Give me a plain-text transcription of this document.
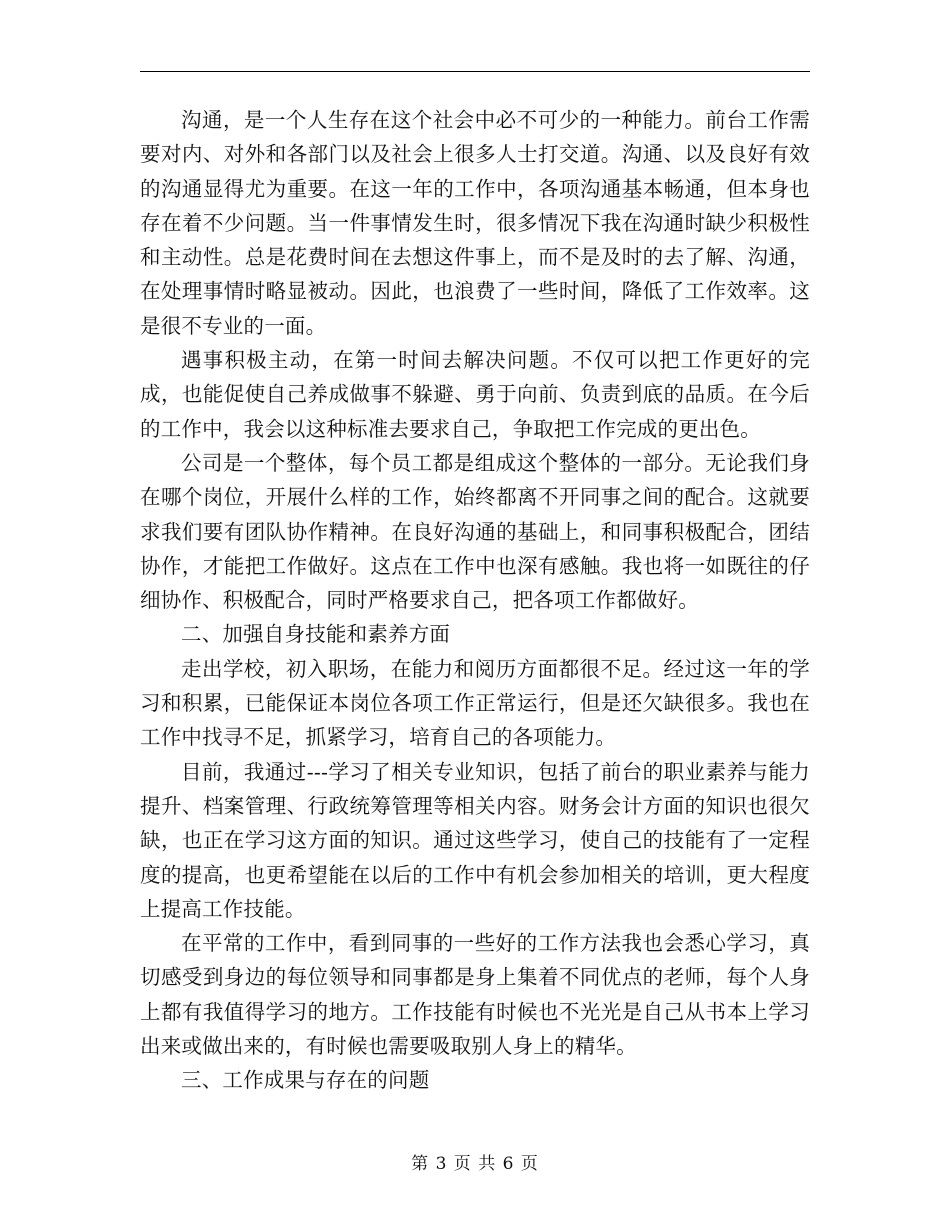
沟通，是一个人生存在这个社会中必不可少的一种能力。前台工作需要对内、对外和各部门以及社会上很多人士打交道。沟通、以及良好有效的沟通显得尤为重要。在这一年的工作中，各项沟通基本畅通，但本身也存在着不少问题。当一件事情发生时，很多情况下我在沟通时缺少积极性和主动性。总是花费时间在去想这件事上，而不是及时的去了解、沟通，在处理事情时略显被动。因此，也浪费了一些时间，降低了工作效率。这是很不专业的一面。

遇事积极主动，在第一时间去解决问题。不仅可以把工作更好的完成，也能促使自己养成做事不躲避、勇于向前、负责到底的品质。在今后的工作中，我会以这种标准去要求自己，争取把工作完成的更出色。

公司是一个整体，每个员工都是组成这个整体的一部分。无论我们身在哪个岗位，开展什么样的工作，始终都离不开同事之间的配合。这就要求我们要有团队协作精神。在良好沟通的基础上，和同事积极配合，团结协作，才能把工作做好。这点在工作中也深有感触。我也将一如既往的仔细协作、积极配合，同时严格要求自己，把各项工作都做好。

二、加强自身技能和素养方面

走出学校，初入职场，在能力和阅历方面都很不足。经过这一年的学习和积累，已能保证本岗位各项工作正常运行，但是还欠缺很多。我也在工作中找寻不足，抓紧学习，培育自己的各项能力。

目前，我通过---学习了相关专业知识，包括了前台的职业素养与能力提升、档案管理、行政统筹管理等相关内容。财务会计方面的知识也很欠缺，也正在学习这方面的知识。通过这些学习，使自己的技能有了一定程度的提高，也更希望能在以后的工作中有机会参加相关的培训，更大程度上提高工作技能。

在平常的工作中，看到同事的一些好的工作方法我也会悉心学习，真切感受到身边的每位领导和同事都是身上集着不同优点的老师，每个人身上都有我值得学习的地方。工作技能有时候也不光光是自己从书本上学习出来或做出来的，有时候也需要吸取别人身上的精华。

三、工作成果与存在的问题

第 3 页 共 6 页
